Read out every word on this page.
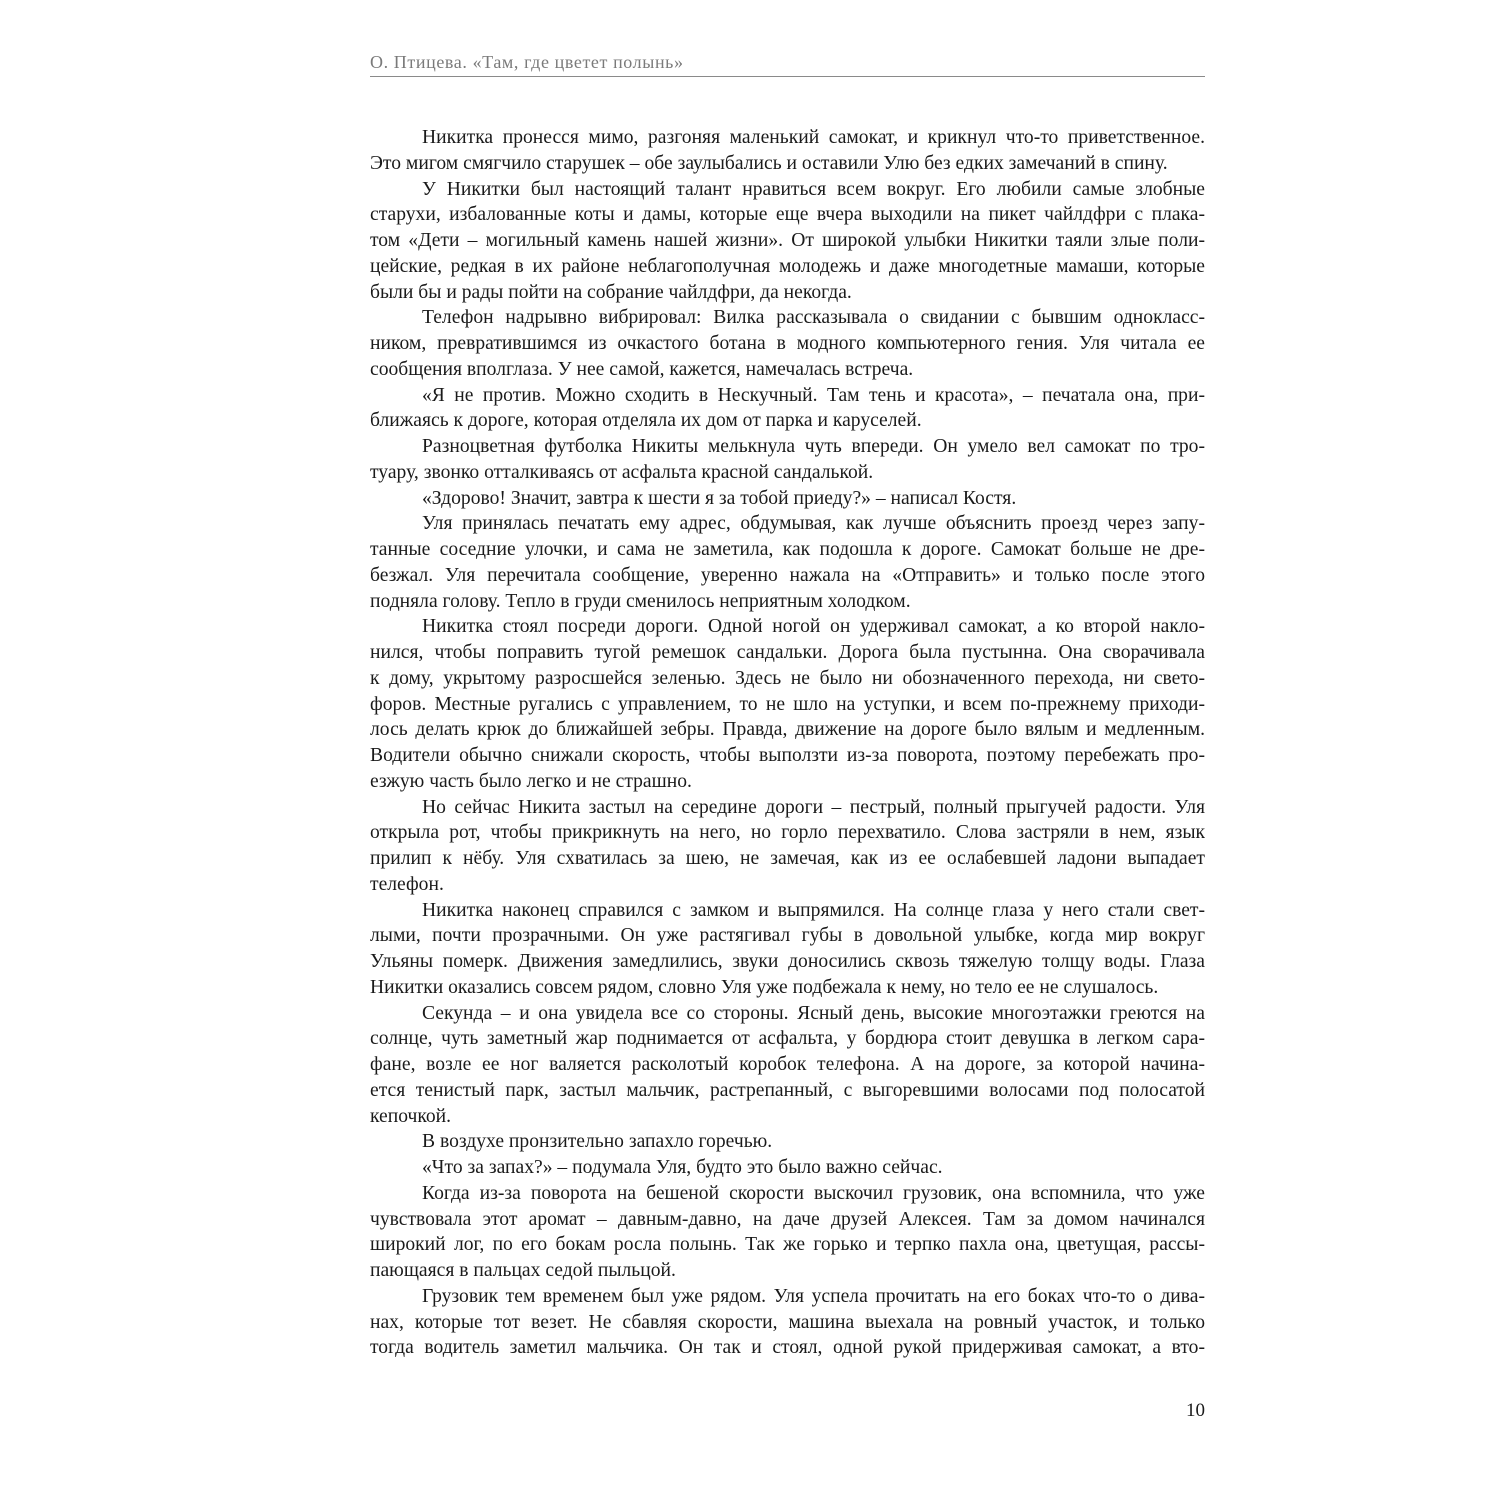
О. Птицева. «Там, где цветет полынь»

Никитка пронесся мимо, разгоняя маленький самокат, и крикнул что-то приветственное.
Это мигом смягчило старушек – обе заулыбались и оставили Улю без едких замечаний в спину.

У Никитки был настоящий талант нравиться всем вокруг. Его любили самые злобные
старухи, избалованные коты и дамы, которые еще вчера выходили на пикет чайлдфри с плака-
том «Дети – могильный камень нашей жизни». От широкой улыбки Никитки таяли злые поли-
цейские, редкая в их районе неблагополучная молодежь и даже многодетные мамаши, которые
были бы и рады пойти на собрание чайлдфри, да некогда.

Телефон надрывно вибрировал: Вилка рассказывала о свидании с бывшим однокласс-
ником, превратившимся из очкастого ботана в модного компьютерного гения. Уля читала ее
сообщения вполглаза. У нее самой, кажется, намечалась встреча.

«Я не против. Можно сходить в Нескучный. Там тень и красота», – печатала она, при-
ближаясь к дороге, которая отделяла их дом от парка и каруселей.

Разноцветная футболка Никиты мелькнула чуть впереди. Он умело вел самокат по тро-
туару, звонко отталкиваясь от асфальта красной сандалькой.

«Здорово! Значит, завтра к шести я за тобой приеду?» – написал Костя.

Уля принялась печатать ему адрес, обдумывая, как лучше объяснить проезд через запу-
танные соседние улочки, и сама не заметила, как подошла к дороге. Самокат больше не дре-
безжал. Уля перечитала сообщение, уверенно нажала на «Отправить» и только после этого
подняла голову. Тепло в груди сменилось неприятным холодком.

Никитка стоял посреди дороги. Одной ногой он удерживал самокат, а ко второй накло-
нился, чтобы поправить тугой ремешок сандальки. Дорога была пустынна. Она сворачивала
к дому, укрытому разросшейся зеленью. Здесь не было ни обозначенного перехода, ни свето-
форов. Местные ругались с управлением, то не шло на уступки, и всем по-прежнему приходи-
лось делать крюк до ближайшей зебры. Правда, движение на дороге было вялым и медленным.
Водители обычно снижали скорость, чтобы выползти из-за поворота, поэтому перебежать про-
езжую часть было легко и не страшно.

Но сейчас Никита застыл на середине дороги – пестрый, полный прыгучей радости. Уля
открыла рот, чтобы прикрикнуть на него, но горло перехватило. Слова застряли в нем, язык
прилип к нёбу. Уля схватилась за шею, не замечая, как из ее ослабевшей ладони выпадает
телефон.

Никитка наконец справился с замком и выпрямился. На солнце глаза у него стали свет-
лыми, почти прозрачными. Он уже растягивал губы в довольной улыбке, когда мир вокруг
Ульяны померк. Движения замедлились, звуки доносились сквозь тяжелую толщу воды. Глаза
Никитки оказались совсем рядом, словно Уля уже подбежала к нему, но тело ее не слушалось.

Секунда – и она увидела все со стороны. Ясный день, высокие многоэтажки греются на
солнце, чуть заметный жар поднимается от асфальта, у бордюра стоит девушка в легком сара-
фане, возле ее ног валяется расколотый коробок телефона. А на дороге, за которой начина-
ется тенистый парк, застыл мальчик, растрепанный, с выгоревшими волосами под полосатой
кепочкой.

В воздухе пронзительно запахло горечью.

«Что за запах?» – подумала Уля, будто это было важно сейчас.

Когда из-за поворота на бешеной скорости выскочил грузовик, она вспомнила, что уже
чувствовала этот аромат – давным-давно, на даче друзей Алексея. Там за домом начинался
широкий лог, по его бокам росла полынь. Так же горько и терпко пахла она, цветущая, рассы-
пающаяся в пальцах седой пыльцой.

Грузовик тем временем был уже рядом. Уля успела прочитать на его боках что-то о дива-
нах, которые тот везет. Не сбавляя скорости, машина выехала на ровный участок, и только
тогда водитель заметил мальчика. Он так и стоял, одной рукой придерживая самокат, а вто-

10
